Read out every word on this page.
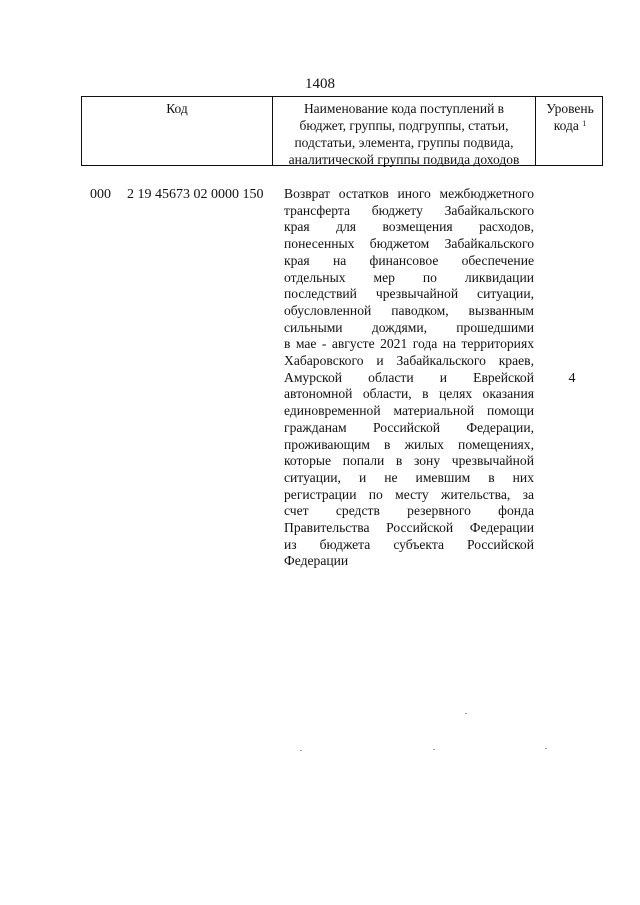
1408
Код	Наименование кода поступлений в
бюджет, группы, подгруппы, статьи,
подстатьи, элемента, группы подвида,
аналитической группы подвида доходов
Уровень
кода $^1$
000 2 19 45673 02 0000 150 Возврат остатков иного межбюджетного
трансферта бюджету Забайкальского
края для возмещения расходов,
понесенных бюджетом Забайкальского
края на финансовое обеспечение
отдельных мер по ликвидации
последствий чрезвычайной ситуации,
обусловленной паводком, вызванным
сильными дождями, прошедшими
в мае - августе 2021 года на территориях
Хабаровского и Забайкальского краев,
Амурской области и Еврейской
автономной области, в целях оказания
единовременной материальной помощи
гражданам Российской Федерации,
проживающим в жилых помещениях,
которые попали в зону чрезвычайной
ситуации, и не имевшим в них
регистрации по месту жительства, за
счет средств резервного фонда
Правительства Российской Федерации
из бюджета субъекта Российской
Федерации
4
